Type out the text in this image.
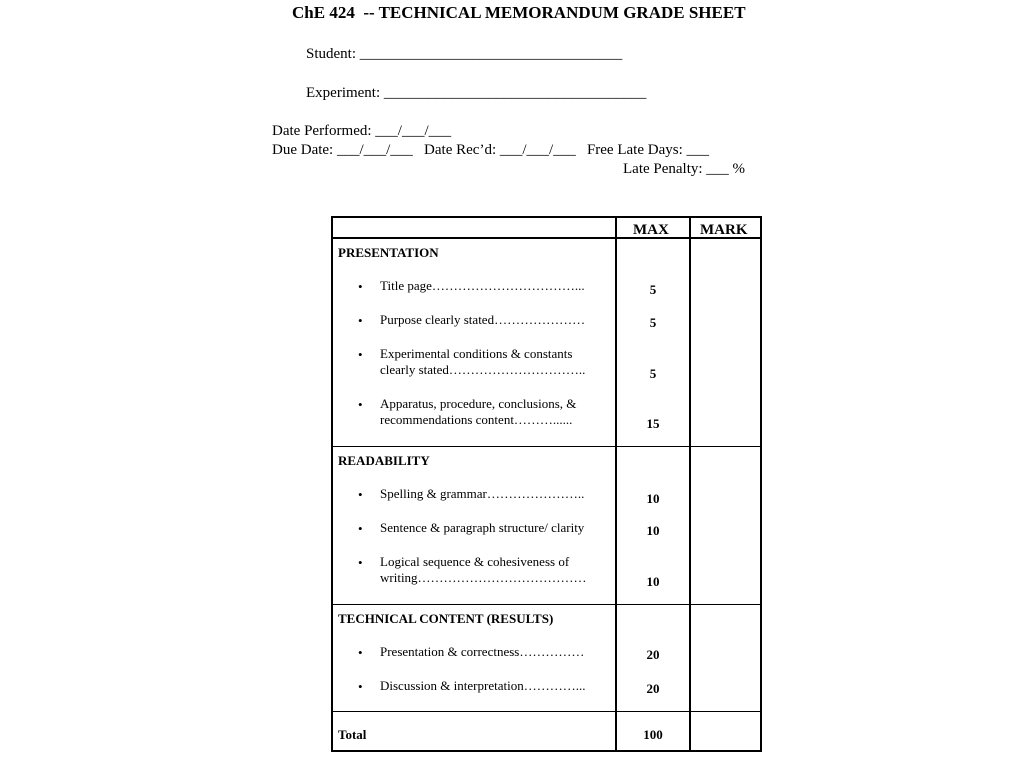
ChE 424  -- TECHNICAL MEMORANDUM GRADE SHEET
Student: ___________________________________
Experiment: ___________________________________
Date Performed: ___/___/___
Due Date: ___/___/___   Date Rec’d: ___/___/___   Free Late Days: ___
Late Penalty: ___ %
MAX MARK
PRESENTATION
• Title page……………………………...	5
• Purpose clearly stated…………………	5
• Experimental conditions & constants
clearly stated…………………………..	5
• Apparatus, procedure, conclusions, &
recommendations content………......	15
READABILITY
• Spelling & grammar…………………..	10
• Sentence & paragraph structure/ clarity	10
• Logical sequence & cohesiveness of
writing…………………………………	10
TECHNICAL CONTENT (RESULTS)
• Presentation & correctness……………	20
• Discussion & interpretation…………...	20
Total	100
